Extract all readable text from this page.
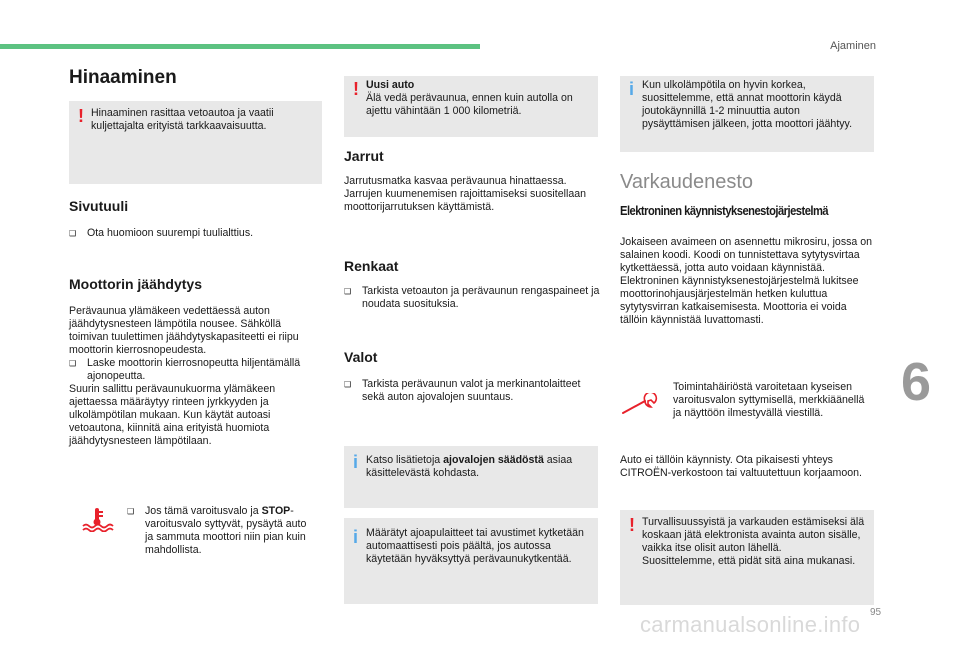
Ajaminen
Hinaaminen
! Hinaaminen rasittaa vetoautoa ja vaatii kuljettajalta erityistä tarkkaavaisuutta.
Sivutuuli
❑ Ota huomioon suurempi tuulialttius.
Moottorin jäähdytys
Perävaunua ylämäkeen vedettäessä auton jäähdytysnesteen lämpötila nousee. Sähköllä toimivan tuulettimen jäähdytyskapasiteetti ei riipu moottorin kierrosnopeudesta.
❑ Laske moottorin kierrosnopeutta hiljentämällä ajonopeutta.
Suurin sallittu perävaunukuorma ylämäkeen ajettaessa määräytyy rinteen jyrkkyyden ja ulkolämpötilan mukaan. Kun käytät autoasi vetoautona, kiinnitä aina erityistä huomiota jäähdytysnesteen lämpötilaan.
❑ Jos tämä varoitusvalo ja STOP-varoitusvalo syttyvät, pysäytä auto ja sammuta moottori niin pian kuin mahdollista.
! Uusi auto
Älä vedä perävaunua, ennen kuin autolla on ajettu vähintään 1 000 kilometriä.
Jarrut
Jarrutusmatka kasvaa perävaunua hinattaessa. Jarrujen kuumenemisen rajoittamiseksi suositellaan moottorijarrutuksen käyttämistä.
Renkaat
❑ Tarkista vetoauton ja perävaunun rengaspaineet ja noudata suosituksia.
Valot
❑ Tarkista perävaunun valot ja merkinantolaitteet sekä auton ajovalojen suuntaus.
i Katso lisätietoja ajovalojen säädöstä asiaa käsittelevästä kohdasta.
i Määrätyt ajoapulaitteet tai avustimet kytketään automaattisesti pois päältä, jos autossa käytetään hyväksyttyä perävaunukytkentää.
i Kun ulkolämpötila on hyvin korkea, suosittelemme, että annat moottorin käydä joutokäynnillä 1-2 minuuttia auton pysäyttämisen jälkeen, jotta moottori jäähtyy.
Varkaudenesto
Elektroninen käynnistyksenestojärjestelmä
Jokaiseen avaimeen on asennettu mikrosiru, jossa on salainen koodi. Koodi on tunnistettava sytytysvirtaa kytkettäessä, jotta auto voidaan käynnistää.
Elektroninen käynnistyksenestojärjestelmä lukitsee moottorinohjausjärjestelmän hetken kuluttua sytytysvirran katkaisemisesta. Moottoria ei voida tällöin käynnistää luvattomasti.
Toimintahäiriöstä varoitetaan kyseisen varoitusvalon syttymisellä, merkkiäänellä ja näyttöön ilmestyvällä viestillä.
Auto ei tällöin käynnisty. Ota pikaisesti yhteys CITROËN-verkostoon tai valtuutettuun korjaamoon.
! Turvallisuussyistä ja varkauden estämiseksi älä koskaan jätä elektronista avainta auton sisälle, vaikka itse olisit auton lähellä.
Suosittelemme, että pidät sitä aina mukanasi.
6
95
carmanualsonline.info
